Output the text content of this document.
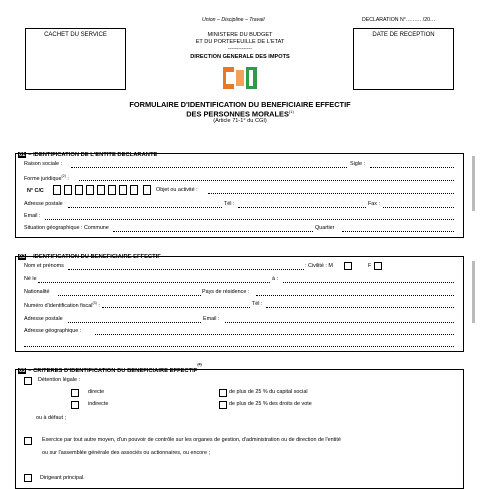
Union – Discipline – Travail	DECLARATION N°……… /20…
CACHET DU SERVICE	DATE DE RECEPTION
MINISTERE DU BUDGET
ET DU PORTEFEUILLE DE L'ETAT
--------------
DIRECTION GENERALE DES IMPOTS
FORMULAIRE D'IDENTIFICATION DU BENEFICIAIRE EFFECTIF
DES PERSONNES MORALES$^{(1)}$
(Article 71-1° du CGI)
01 – IDENTIFICATION DE L'ENTITE DECLARANTE
Raison sociale :	Sigle :
Forme juridique$^{(2)}$ :
N° C/C	Objet ou activité :
Adresse postale	Tél :	Fax :
Email :
Situation géographique : Commune	Quartier
02 – IDENTIFICATION DU BENEFICIAIRE EFFECTIF
Nom et prénoms	: Civilité : M	F
Né le	à :
Nationalité	Pays de résidence :
Numéro d'identification fiscal$^{(3)}$ :	Tél :
Adresse postale	Email :
Adresse géographique :
03 – CRITERES D'IDENTIFICATION DU BENEFICIAIRE EFFECTIF$^{(4)}$
Détention légale :
directe	de plus de 25 % du capital social
indirecte	de plus de 25 % des droits de vote
ou à défaut ;
Exercice par tout autre moyen, d'un pouvoir de contrôle sur les organes de gestion, d'administration ou de direction de l'entité
ou sur l'assemblée générale des associés ou actionnaires, ou encore ;
Dirigeant principal.
